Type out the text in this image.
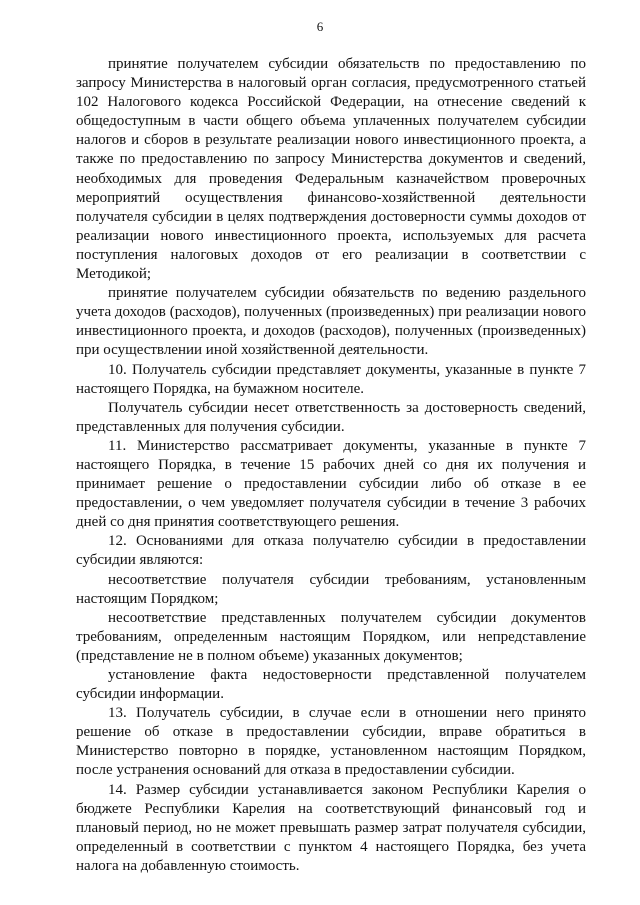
6

принятие получателем субсидии обязательств по предоставлению по запросу Министерства в налоговый орган согласия, предусмотренного статьей 102 Налогового кодекса Российской Федерации, на отнесение сведений к общедоступным в части общего объема уплаченных получателем субсидии налогов и сборов в результате реализации нового инвестиционного проекта, а также по предоставлению по запросу Министерства документов и сведений, необходимых для проведения Федеральным казначейством проверочных мероприятий осуществления финансово-хозяйственной деятельности получателя субсидии в целях подтверждения достоверности суммы доходов от реализации нового инвестиционного проекта, используемых для расчета поступления налоговых доходов от его реализации в соответствии с Методикой;

принятие получателем субсидии обязательств по ведению раздельного учета доходов (расходов), полученных (произведенных) при реализации нового инвестиционного проекта, и доходов (расходов), полученных (произведенных) при осуществлении иной хозяйственной деятельности.

10. Получатель субсидии представляет документы, указанные в пункте 7 настоящего Порядка, на бумажном носителе.

Получатель субсидии несет ответственность за достоверность сведений, представленных для получения субсидии.

11. Министерство рассматривает документы, указанные в пункте 7 настоящего Порядка, в течение 15 рабочих дней со дня их получения и принимает решение о предоставлении субсидии либо об отказе в ее предоставлении, о чем уведомляет получателя субсидии в течение 3 рабочих дней со дня принятия соответствующего решения.

12. Основаниями для отказа получателю субсидии в предоставлении субсидии являются:

несоответствие получателя субсидии требованиям, установленным настоящим Порядком;

несоответствие представленных получателем субсидии документов требованиям, определенным настоящим Порядком, или непредставление (представление не в полном объеме) указанных документов;

установление факта недостоверности представленной получателем субсидии информации.

13. Получатель субсидии, в случае если в отношении него принято решение об отказе в предоставлении субсидии, вправе обратиться в Министерство повторно в порядке, установленном настоящим Порядком, после устранения оснований для отказа в предоставлении субсидии.

14. Размер субсидии устанавливается законом Республики Карелия о бюджете Республики Карелия на соответствующий финансовый год и плановый период, но не может превышать размер затрат получателя субсидии, определенный в соответствии с пунктом 4 настоящего Порядка, без учета налога на добавленную стоимость.
